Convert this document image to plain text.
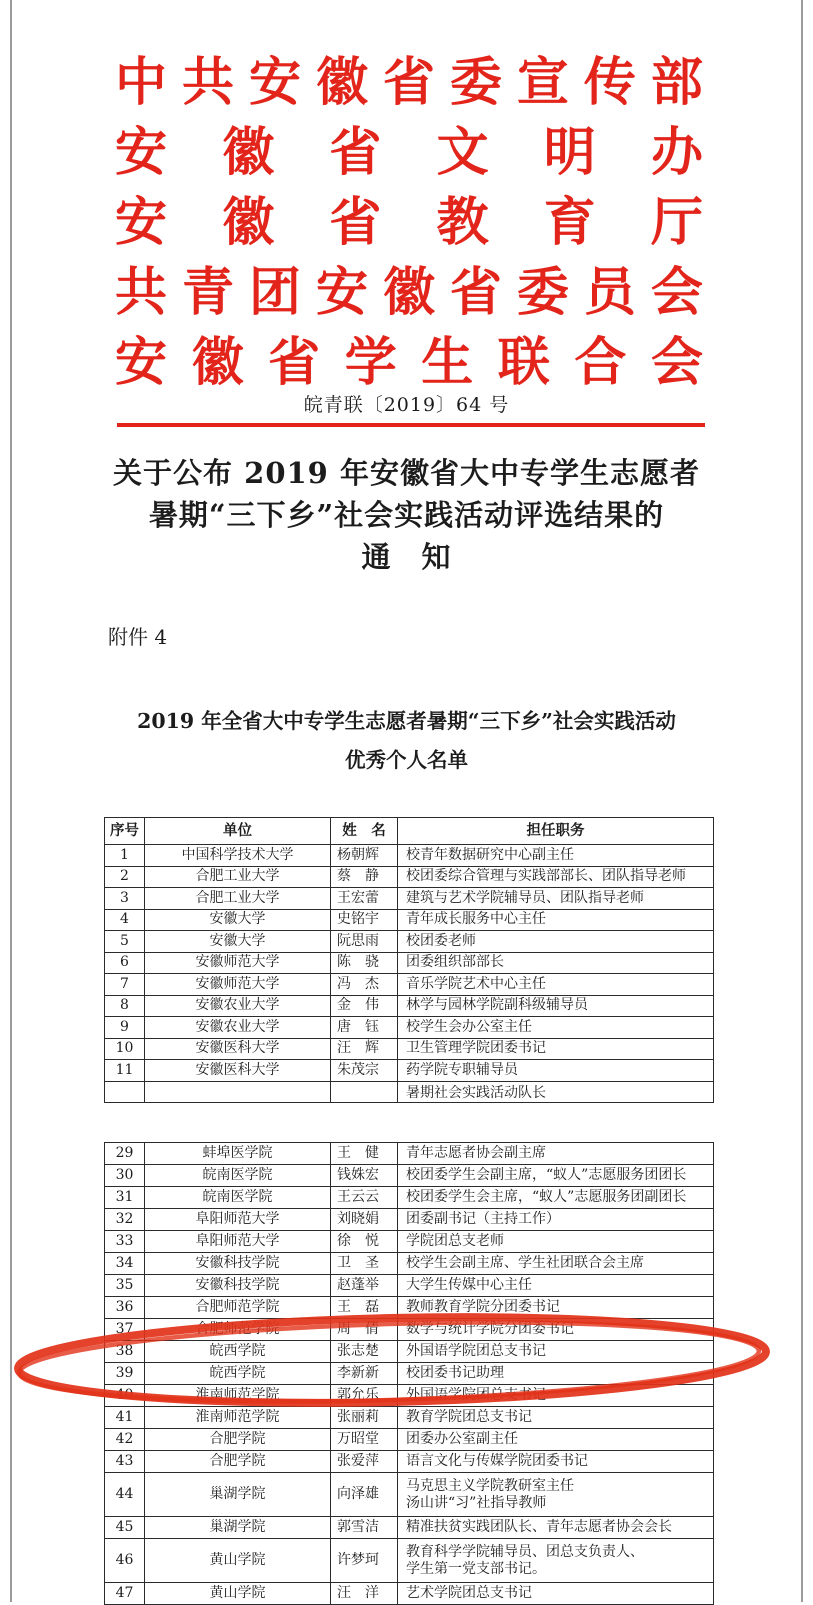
中 共 安 徽 省 委 宣 传 部
安 徽 省 文 明 办
安 徽 省 教 育 厅
共 青 团 安 徽 省 委 员 会
安 徽 省 学 生 联 合 会
皖青联〔2019〕64 号
关于公布 2019 年安徽省大中专学生志愿者
暑期“三下乡”社会实践活动评选结果的
通　知
附件 4
2019 年全省大中专学生志愿者暑期“三下乡”社会实践活动
优秀个人名单
序号	单位	姓　名	担任职务
1	中国科学技术大学	杨朝辉	校青年数据研究中心副主任
2	合肥工业大学	蔡　静	校团委综合管理与实践部部长、团队指导老师
3	合肥工业大学	王宏蕾	建筑与艺术学院辅导员、团队指导老师
4	安徽大学	史铭宇	青年成长服务中心主任
5	安徽大学	阮思雨	校团委老师
6	安徽师范大学	陈　骁	团委组织部部长
7	安徽师范大学	冯　杰	音乐学院艺术中心主任
8	安徽农业大学	金　伟	林学与园林学院副科级辅导员
9	安徽农业大学	唐　钰	校学生会办公室主任
10	安徽医科大学	汪　辉	卫生管理学院团委书记
11	安徽医科大学	朱茂宗	药学院专职辅导员
			暑期社会实践活动队长
29	蚌埠医学院	王　健	青年志愿者协会副主席
30	皖南医学院	钱姝宏	校团委学生会副主席，“蚁人”志愿服务团团长
31	皖南医学院	王云云	校团委学生会主席，“蚁人”志愿服务团副团长
32	阜阳师范大学	刘晓娟	团委副书记（主持工作）
33	阜阳师范大学	徐　悦	学院团总支老师
34	安徽科技学院	卫　圣	校学生会副主席、学生社团联合会主席
35	安徽科技学院	赵蓬举	大学生传媒中心主任
36	合肥师范学院	王　磊	教师教育学院分团委书记
37	合肥师范学院	周　倩	数学与统计学院分团委书记
38	皖西学院	张志楚	外国语学院团总支书记
39	皖西学院	李新新	校团委书记助理
40	淮南师范学院	郭允乐	外国语学院团总支书记
41	淮南师范学院	张丽莉	教育学院团总支书记
42	合肥学院	万昭堂	团委办公室副主任
43	合肥学院	张爱萍	语言文化与传媒学院团委书记
44	巢湖学院	向泽雄	马克思主义学院教研室主任
汤山讲“习”社指导教师

45	巢湖学院	郭雪洁	精准扶贫实践团队长、青年志愿者协会会长
46	黄山学院	许梦珂	教育科学学院辅导员、团总支负责人、
学生第一党支部书记。

47	黄山学院	汪　洋	艺术学院团总支书记
